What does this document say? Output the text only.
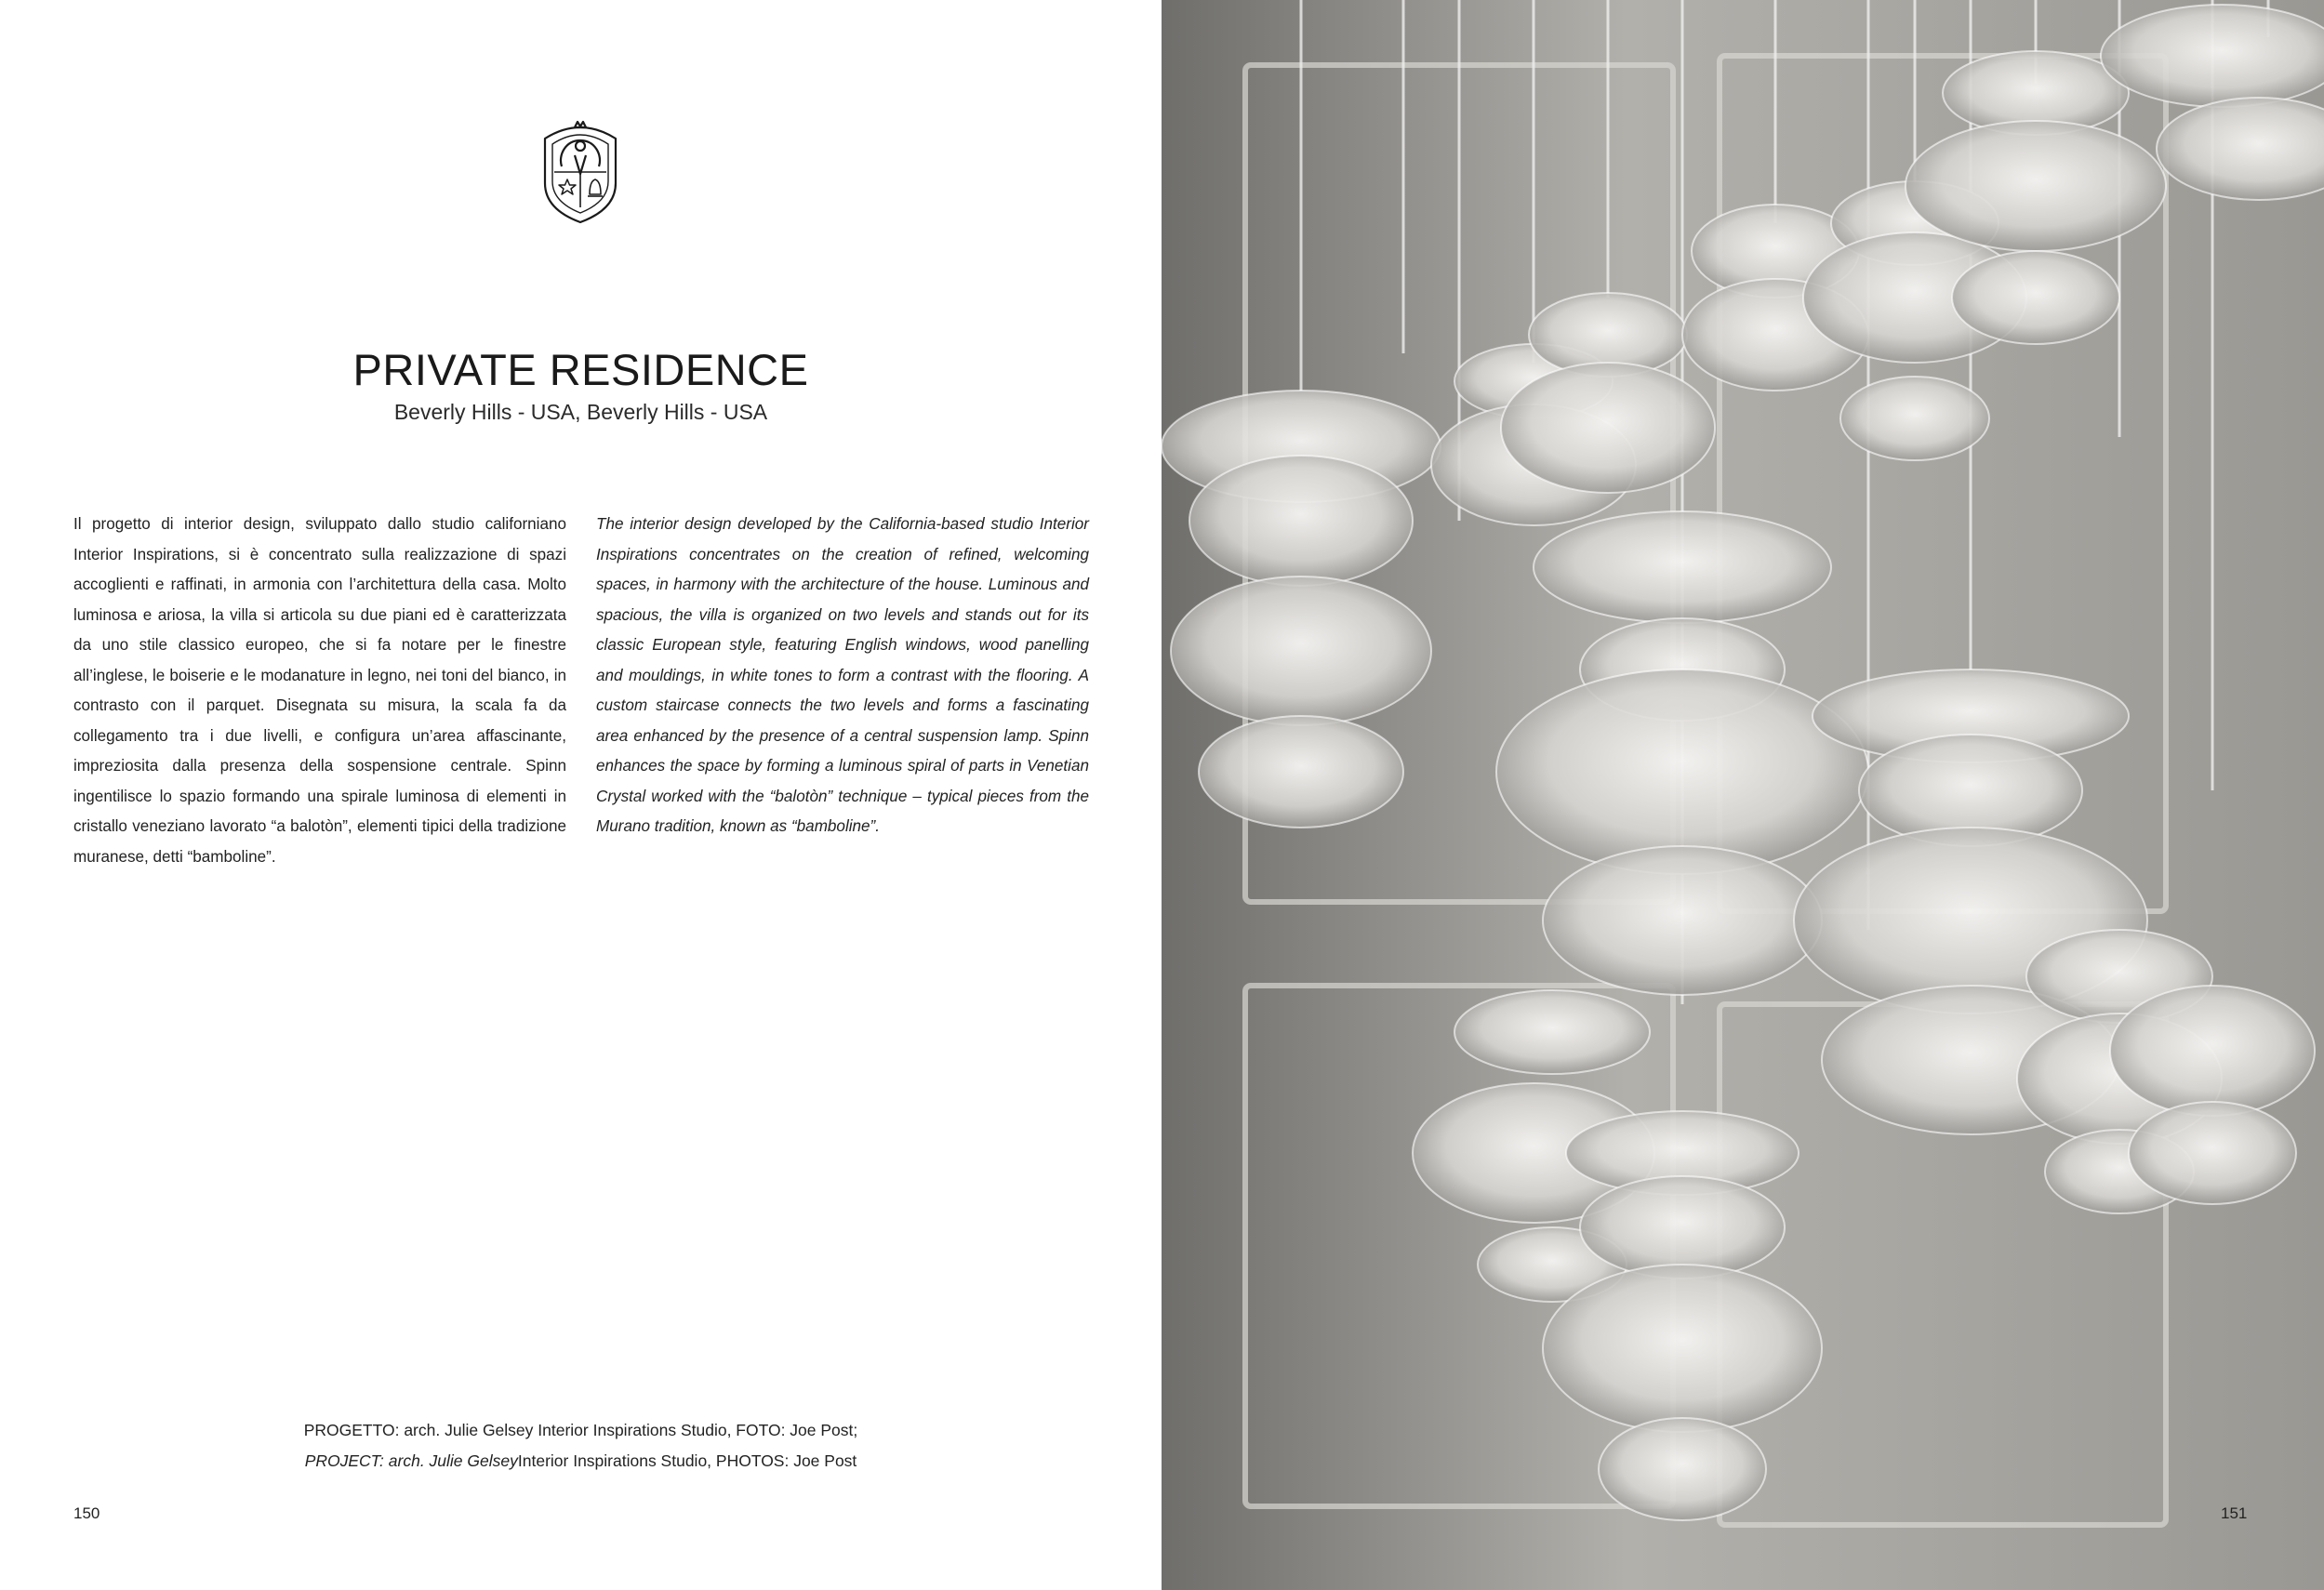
PRIVATE RESIDENCE
Beverly Hills - USA, Beverly Hills - USA
Il progetto di interior design, sviluppato dallo studio californiano Interior Inspirations, si è concentrato sulla realizzazione di spazi accoglienti e raffinati, in armonia con l’architettura della casa. Molto luminosa e ariosa, la villa si articola su due piani ed è caratterizzata da uno stile classico europeo, che si fa notare per le finestre all’inglese, le boiserie e le modanature in legno, nei toni del bianco, in contrasto con il parquet. Disegnata su misura, la scala fa da collegamento tra i due livelli, e configura un’area affascinante, impreziosita dalla presenza della sospensione centrale. Spinn ingentilisce lo spazio formando una spirale luminosa di elementi in cristallo veneziano lavorato “a balotòn”, elementi tipici della tradizione muranese, detti “bamboline”.
The interior design developed by the California-based studio Interior Inspirations concentrates on the creation of refined, welcoming spaces, in harmony with the architecture of the house. Luminous and spacious, the villa is organized on two levels and stands out for its classic European style, featuring English windows, wood panelling and mouldings, in white tones to form a contrast with the flooring. A custom staircase connects the two levels and forms a fascinating area enhanced by the presence of a central suspension lamp. Spinn enhances the space by forming a luminous spiral of parts in Venetian Crystal worked with the “balotòn” technique – typical pieces from the Murano tradition, known as “bamboline”.
PROGETTO: arch. Julie Gelsey Interior Inspirations Studio, FOTO: Joe Post;
PROJECT: arch. Julie GelseyInterior Inspirations Studio, PHOTOS: Joe Post
150	151
